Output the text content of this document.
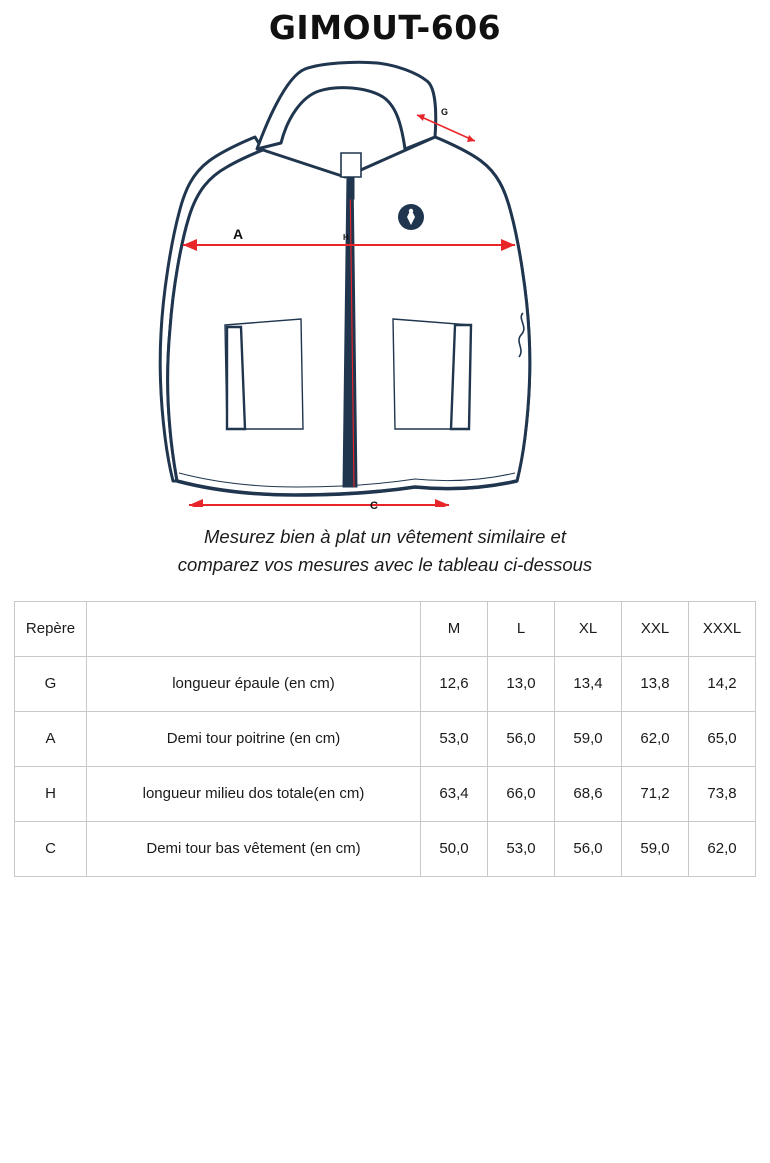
GIMOUT-606
G
A	H
C
Mesurez bien à plat un vêtement similaire et
comparez vos mesures avec le tableau ci-dessous
Repère		M	L	XL	XXL	XXXL
G	longueur épaule (en cm)	12,6	13,0	13,4	13,8	14,2
A	Demi tour poitrine (en cm)	53,0	56,0	59,0	62,0	65,0
H	longueur milieu dos totale(en cm)	63,4	66,0	68,6	71,2	73,8
C	Demi tour bas vêtement (en cm)	50,0	53,0	56,0	59,0	62,0
